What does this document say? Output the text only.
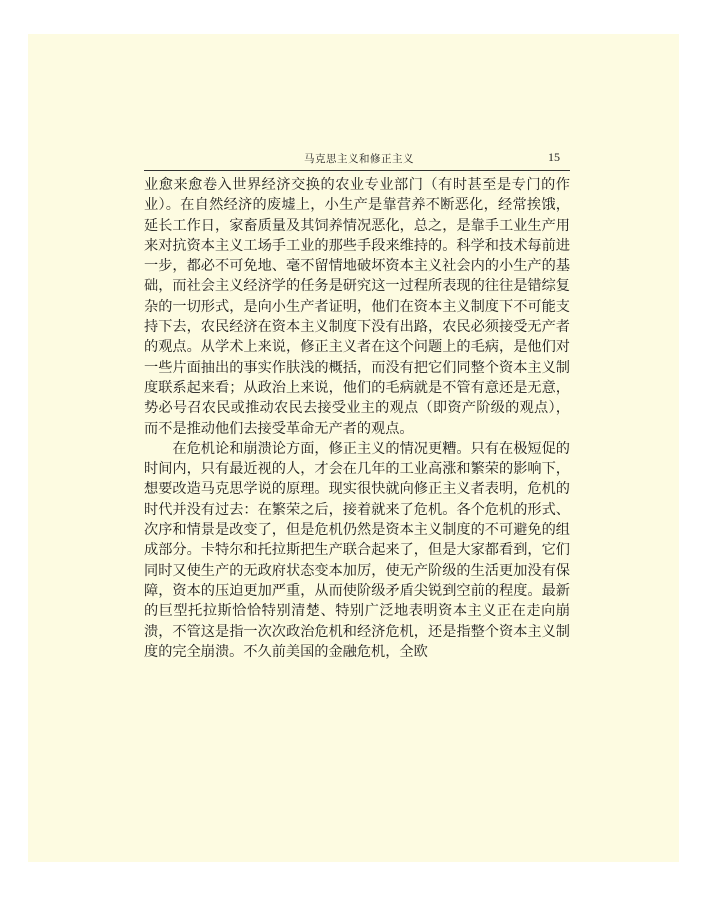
马克思主义和修正主义	15

业愈来愈卷入世界经济交换的农业专业部门（有时甚至是专门的作业）。在自然经济的废墟上，小生产是靠营养不断恶化，经常挨饿，延长工作日，家畜质量及其饲养情况恶化，总之，是靠手工业生产用来对抗资本主义工场手工业的那些手段来维持的。科学和技术每前进一步，都必不可免地、毫不留情地破坏资本主义社会内的小生产的基础，而社会主义经济学的任务是研究这一过程所表现的往往是错综复杂的一切形式，是向小生产者证明，他们在资本主义制度下不可能支持下去，农民经济在资本主义制度下没有出路，农民必须接受无产者的观点。从学术上来说，修正主义者在这个问题上的毛病，是他们对一些片面抽出的事实作肤浅的概括，而没有把它们同整个资本主义制度联系起来看；从政治上来说，他们的毛病就是不管有意还是无意，势必号召农民或推动农民去接受业主的观点（即资产阶级的观点），而不是推动他们去接受革命无产者的观点。

在危机论和崩溃论方面，修正主义的情况更糟。只有在极短促的时间内，只有最近视的人，才会在几年的工业高涨和繁荣的影响下，想要改造马克思学说的原理。现实很快就向修正主义者表明，危机的时代并没有过去：在繁荣之后，接着就来了危机。各个危机的形式、次序和情景是改变了，但是危机仍然是资本主义制度的不可避免的组成部分。卡特尔和托拉斯把生产联合起来了，但是大家都看到，它们同时又使生产的无政府状态变本加厉，使无产阶级的生活更加没有保障，资本的压迫更加严重，从而使阶级矛盾尖锐到空前的程度。最新的巨型托拉斯恰恰特别清楚、特别广泛地表明资本主义正在走向崩溃，不管这是指一次次政治危机和经济危机，还是指整个资本主义制度的完全崩溃。不久前美国的金融危机，全欧
